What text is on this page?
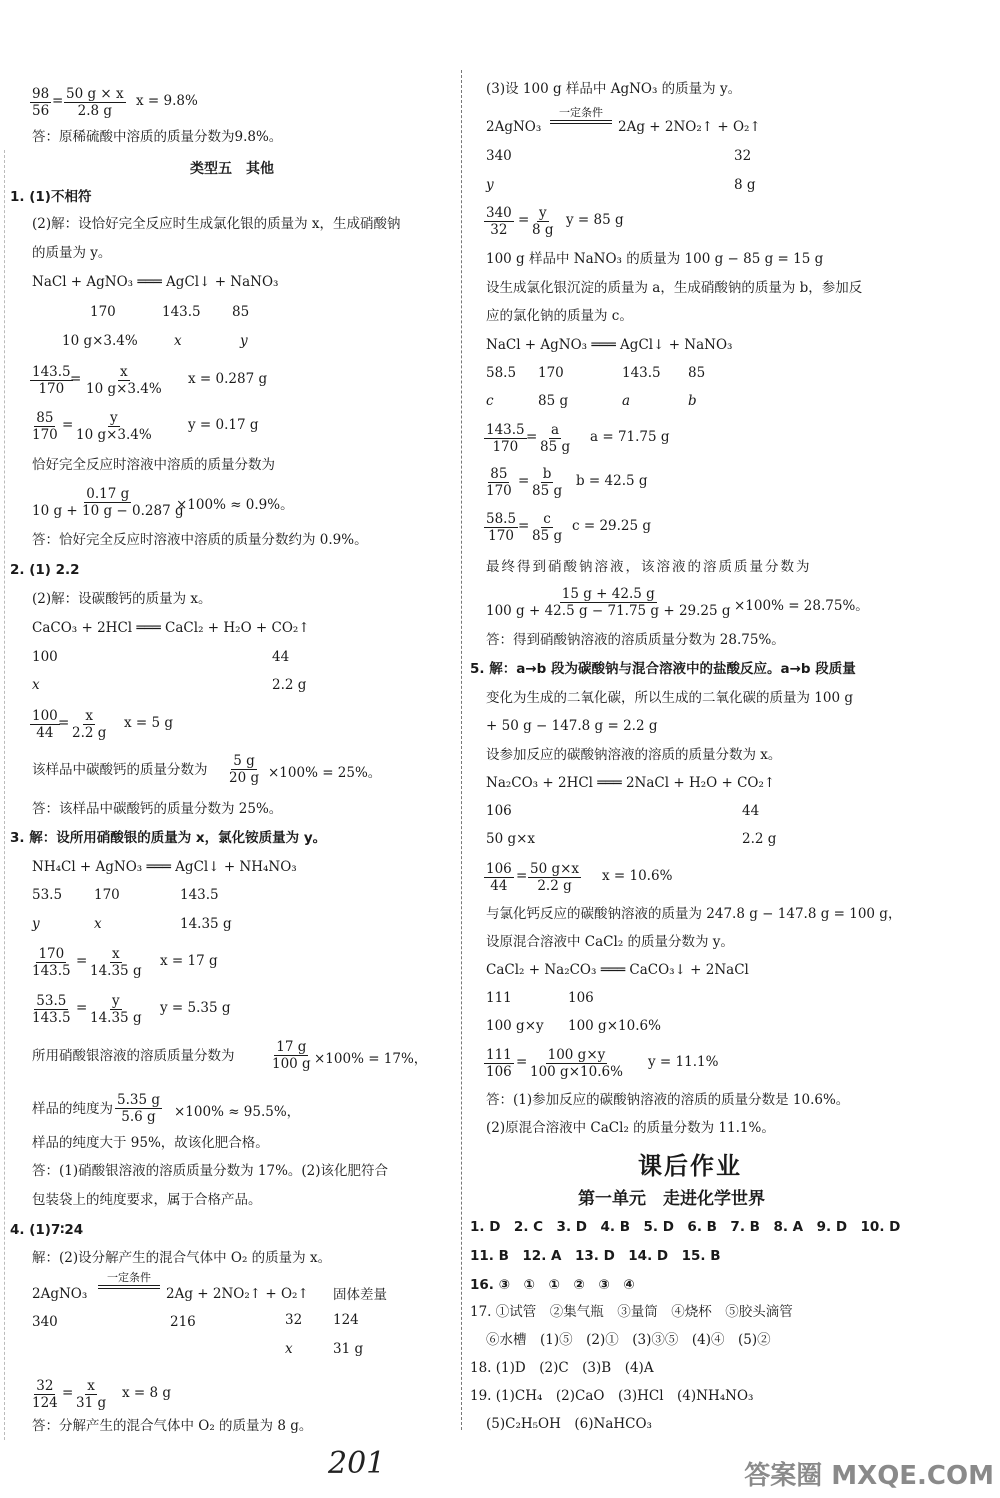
$\frac{98}{56} = \frac{50 g \times x}{2.8 g}$ x = 9.8%
答：原稀硫酸中溶质的质量分数为9.8%。
类型五　其他
1. (1)不相符
(2)解：设恰好完全反应时生成氯化银的质量为 x，生成硝酸钠
的质量为 y。
NaCl + AgNO₃ ═══ AgCl↓ + NaNO₃
170	143.5 85
10 g×3.4%	x	y
$\frac{143.5}{170}$
= $\frac{x}{10 g\times 3.4\%}$ x = 0.287 g
$\frac{85}{170} = \frac{y}{10 g\times 3.4\%}$	y = 0.17 g
恰好完全反应时溶液中溶质的质量分数为
$\frac{0.17 g}{10 g + 10 g - 0.287 g}$
×100% ≈ 0.9%。
答：恰好完全反应时溶液中溶质的质量分数约为 0.9%。
2. (1) 2.2
(2)解：设碳酸钙的质量为 x。
CaCO₃ + 2HCl ═══ CaCl₂ + H₂O + CO₂↑
100	44
x	2.2 g
$\frac{100}{44}$
= $\frac{x}{2.2 g}$ x = 5 g
该样品中碳酸钙的质量分数为 $\frac{5 g}{20 g} \times 100\% = 25\%$。
答：该样品中碳酸钙的质量分数为 25%。
3. 解：设所用硝酸银的质量为 x，氯化铵质量为 y。
NH₄Cl + AgNO₃ ═══ AgCl↓ + NH₄NO₃
53.5 170	143.5
y	x	14.35 g
$\frac{170}{143.5} = \frac{x}{14.35 g}$ x = 17 g
$\frac{53.5}{143.5} = \frac{y}{14.35 g}$ y = 5.35 g
所用硝酸银溶液的溶质质量分数为	$\frac{17 g}{100 g} \times 100\% = 17\%$，
样品的纯度为 $\frac{5.35 g}{5.6 g} \times 100\% \approx 95.5\%$，
样品的纯度大于 95%，故该化肥合格。
答：(1)硝酸银溶液的溶质质量分数为 17%。(2)该化肥符合
包装袋上的纯度要求，属于合格产品。
4. (1)7∶24
解：(2)设分解产生的混合气体中 O₂ 的质量为 x。
2AgNO₃
一定条件
2Ag + 2NO₂↑ + O₂↑ 固体差量
340	216	32 124
x	31 g
$\frac{32}{124} = \frac{x}{31 g}$ x = 8 g
答：分解产生的混合气体中 O₂ 的质量为 8 g。
(3)设 100 g 样品中 AgNO₃ 的质量为 y。
2AgNO₃
一定条件
2Ag + 2NO₂↑ + O₂↑
340	32
y	8 g
$\frac{340}{32} = \frac{y}{8 g}$ y = 85 g
100 g 样品中 NaNO₃ 的质量为 100 g − 85 g = 15 g
设生成氯化银沉淀的质量为 a，生成硝酸钠的质量为 b，参加反
应的氯化钠的质量为 c。
NaCl + AgNO₃ ═══ AgCl↓ + NaNO₃
58.5 170	143.5 85
c	85 g	a	b
$\frac{143.5}{170} = \frac{a}{85 g}$ a = 71.75 g
$\frac{85}{170} = \frac{b}{85 g}$ b = 42.5 g
$\frac{58.5}{170} = \frac{c}{85 g}$ c = 29.25 g
最终得到硝酸钠溶液，该溶液的溶质质量分数为
$\frac{15 g + 42.5 g}{100 g + 42.5 g - 71.75 g + 29.25 g} \times 100\% = 28.75\%$。
答：得到硝酸钠溶液的溶质质量分数为 28.75%。
5. 解：a→b 段为碳酸钠与混合溶液中的盐酸反应。a→b 段质量
变化为生成的二氧化碳，所以生成的二氧化碳的质量为 100 g
+ 50 g − 147.8 g = 2.2 g
设参加反应的碳酸钠溶液的溶质的质量分数为 x。
Na₂CO₃ + 2HCl ═══ 2NaCl + H₂O + CO₂↑
106	44
50 g×x	2.2 g
$\frac{106}{44} = \frac{50 g\times x}{2.2 g}$ x = 10.6%
与氯化钙反应的碳酸钠溶液的质量为 247.8 g − 147.8 g = 100 g，
设原混合溶液中 CaCl₂ 的质量分数为 y。
CaCl₂ + Na₂CO₃ ═══ CaCO₃↓ + 2NaCl
111	106
100 g×y 100 g×10.6%
$\frac{111}{106} = \frac{100 g\times y}{100 g\times 10.6\%}$ y = 11.1%
答：(1)参加反应的碳酸钠溶液的溶质的质量分数是 10.6%。
(2)原混合溶液中 CaCl₂ 的质量分数为 11.1%。
课后作业
第一单元　走进化学世界
1. D　2. C　3. D　4. B　5. D　6. B　7. B　8. A　9. D　10. D
11. B　12. A　13. D　14. D　15. B
16. ③　①　①　②　③　④
17. ①试管　②集气瓶　③量筒　④烧杯　⑤胶头滴管
⑥水槽　(1)⑤　(2)①　(3)③⑤　(4)④　(5)②
18. (1)D　(2)C　(3)B　(4)A
19. (1)CH₄　(2)CaO　(3)HCl　(4)NH₄NO₃
(5)C₂H₅OH　(6)NaHCO₃
201	答案圈 MXQE.COM
